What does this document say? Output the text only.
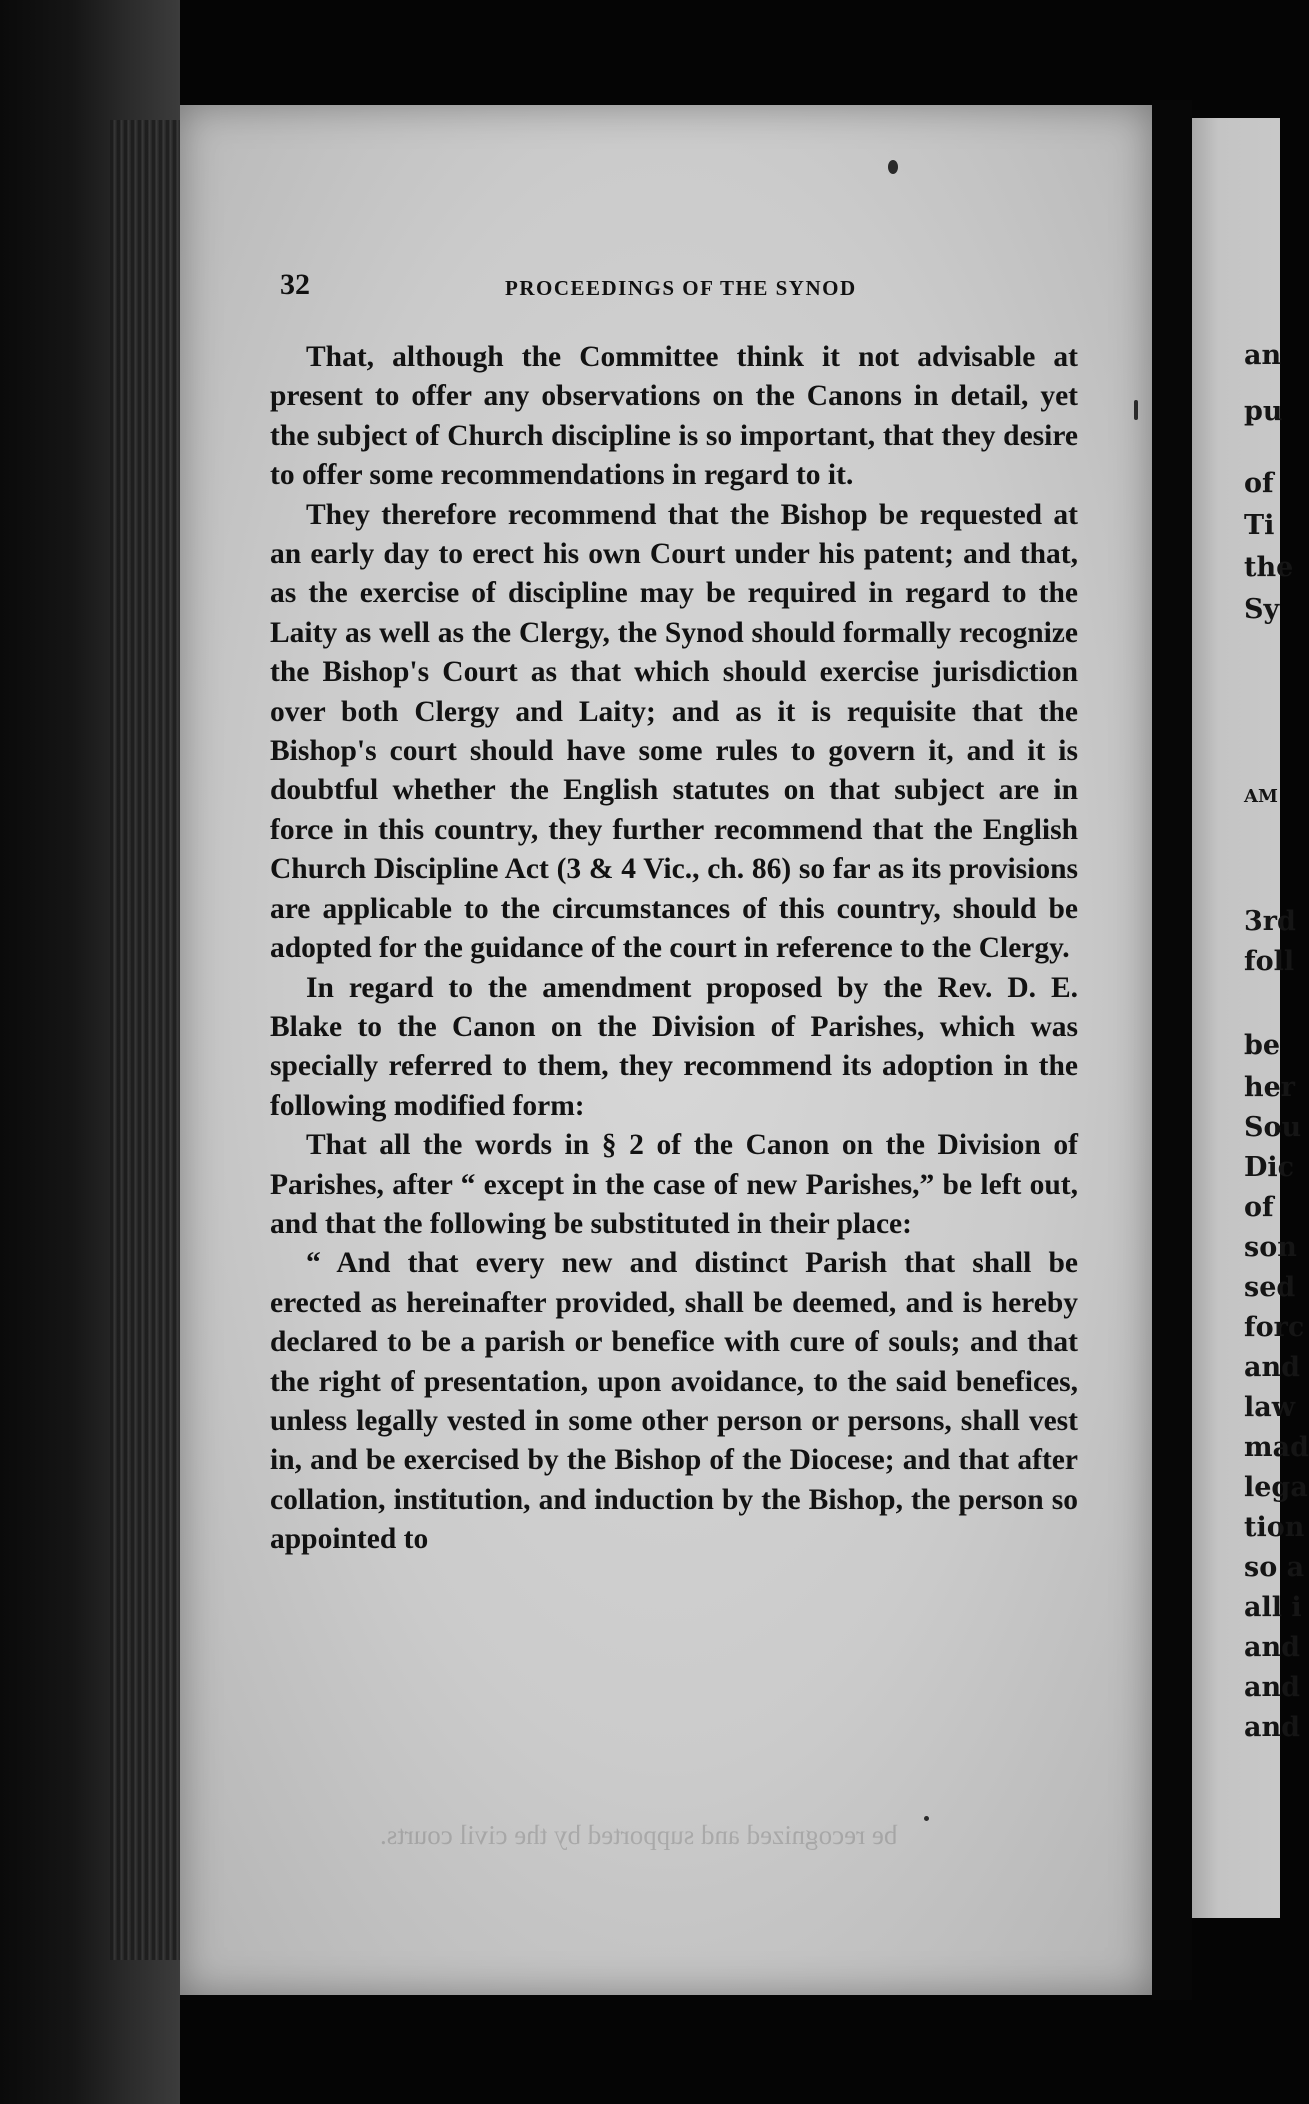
32	PROCEEDINGS OF THE SYNOD

That, although the Committee think it not advisable at present to offer any observations on the Canons in detail, yet the subject of Church discipline is so important, that they desire to offer some recommendations in regard to it.

They therefore recommend that the Bishop be requested at an early day to erect his own Court under his patent; and that, as the exercise of discipline may be required in regard to the Laity as well as the Clergy, the Synod should formally recognize the Bishop's Court as that which should exercise jurisdiction over both Clergy and Laity; and as it is requisite that the Bishop's court should have some rules to govern it, and it is doubtful whether the English statutes on that subject are in force in this country, they further recommend that the English Church Discipline Act (3 & 4 Vic., ch. 86) so far as its provisions are applicable to the circumstances of this country, should be adopted for the guidance of the court in reference to the Clergy.

In regard to the amendment proposed by the Rev. D. E. Blake to the Canon on the Division of Parishes, which was specially referred to them, they recommend its adoption in the following modified form:

That all the words in § 2 of the Canon on the Division of Parishes, after “ except in the case of new Parishes,” be left out, and that the following be substituted in their place:

“ And that every new and distinct Parish that shall be erected as hereinafter provided, shall be deemed, and is hereby declared to be a parish or benefice with cure of souls; and that the right of presentation, upon avoidance, to the said benefices, unless legally vested in some other person or persons, shall vest in, and be exercised by the Bishop of the Diocese; and that after collation, institution, and induction by the Bishop, the person so appointed to

be recognized and supported by the civil courts.
an
pu
of
Ti
the
Sy
AM
3rd
foll
be
her
Sou
Dic
of
son
sed
forc
and
law
mad
lega
tion
so a
all i
and
and
and
